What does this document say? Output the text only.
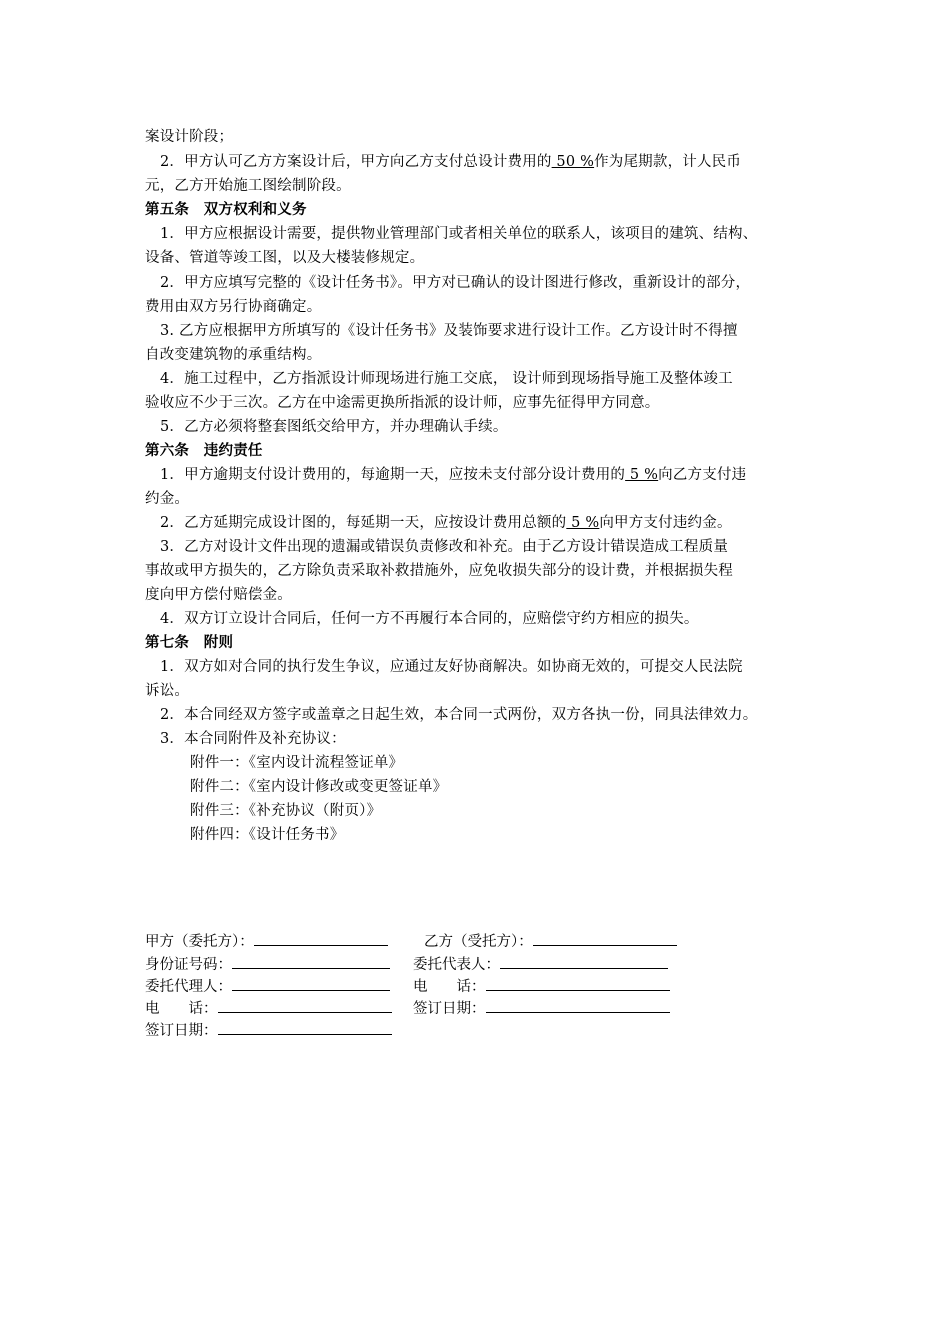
案设计阶段；
2．甲方认可乙方方案设计后，甲方向乙方支付总设计费用的 50 %作为尾期款，计人民币
元，乙方开始施工图绘制阶段。
第五条　双方权利和义务
1．甲方应根据设计需要，提供物业管理部门或者相关单位的联系人，该项目的建筑、结构、
设备、管道等竣工图，以及大楼装修规定。
2．甲方应填写完整的《设计任务书》。甲方对已确认的设计图进行修改，重新设计的部分，
费用由双方另行协商确定。
3. 乙方应根据甲方所填写的《设计任务书》及装饰要求进行设计工作。乙方设计时不得擅
自改变建筑物的承重结构。
4．施工过程中，乙方指派设计师现场进行施工交底， 设计师到现场指导施工及整体竣工
验收应不少于三次。乙方在中途需更换所指派的设计师，应事先征得甲方同意。
5．乙方必须将整套图纸交给甲方，并办理确认手续。
第六条　违约责任
1．甲方逾期支付设计费用的，每逾期一天，应按未支付部分设计费用的 5 %向乙方支付违
约金。
2．乙方延期完成设计图的，每延期一天，应按设计费用总额的 5 %向甲方支付违约金。
3．乙方对设计文件出现的遗漏或错误负责修改和补充。由于乙方设计错误造成工程质量
事故或甲方损失的，乙方除负责采取补救措施外，应免收损失部分的设计费，并根据损失程
度向甲方偿付赔偿金。
4．双方订立设计合同后，任何一方不再履行本合同的，应赔偿守约方相应的损失。
第七条　附则
1．双方如对合同的执行发生争议，应通过友好协商解决。如协商无效的，可提交人民法院
诉讼。
2．本合同经双方签字或盖章之日起生效，本合同一式两份，双方各执一份，同具法律效力。
3．本合同附件及补充协议：
附件一：《室内设计流程签证单》
附件二：《室内设计修改或变更签证单》
附件三：《补充协议（附页）》
附件四：《设计任务书》
甲方（委托方）：	乙方（受托方）：
身份证号码：	委托代表人：
委托代理人：	电　　话：
电　　话：	签订日期：
签订日期：
